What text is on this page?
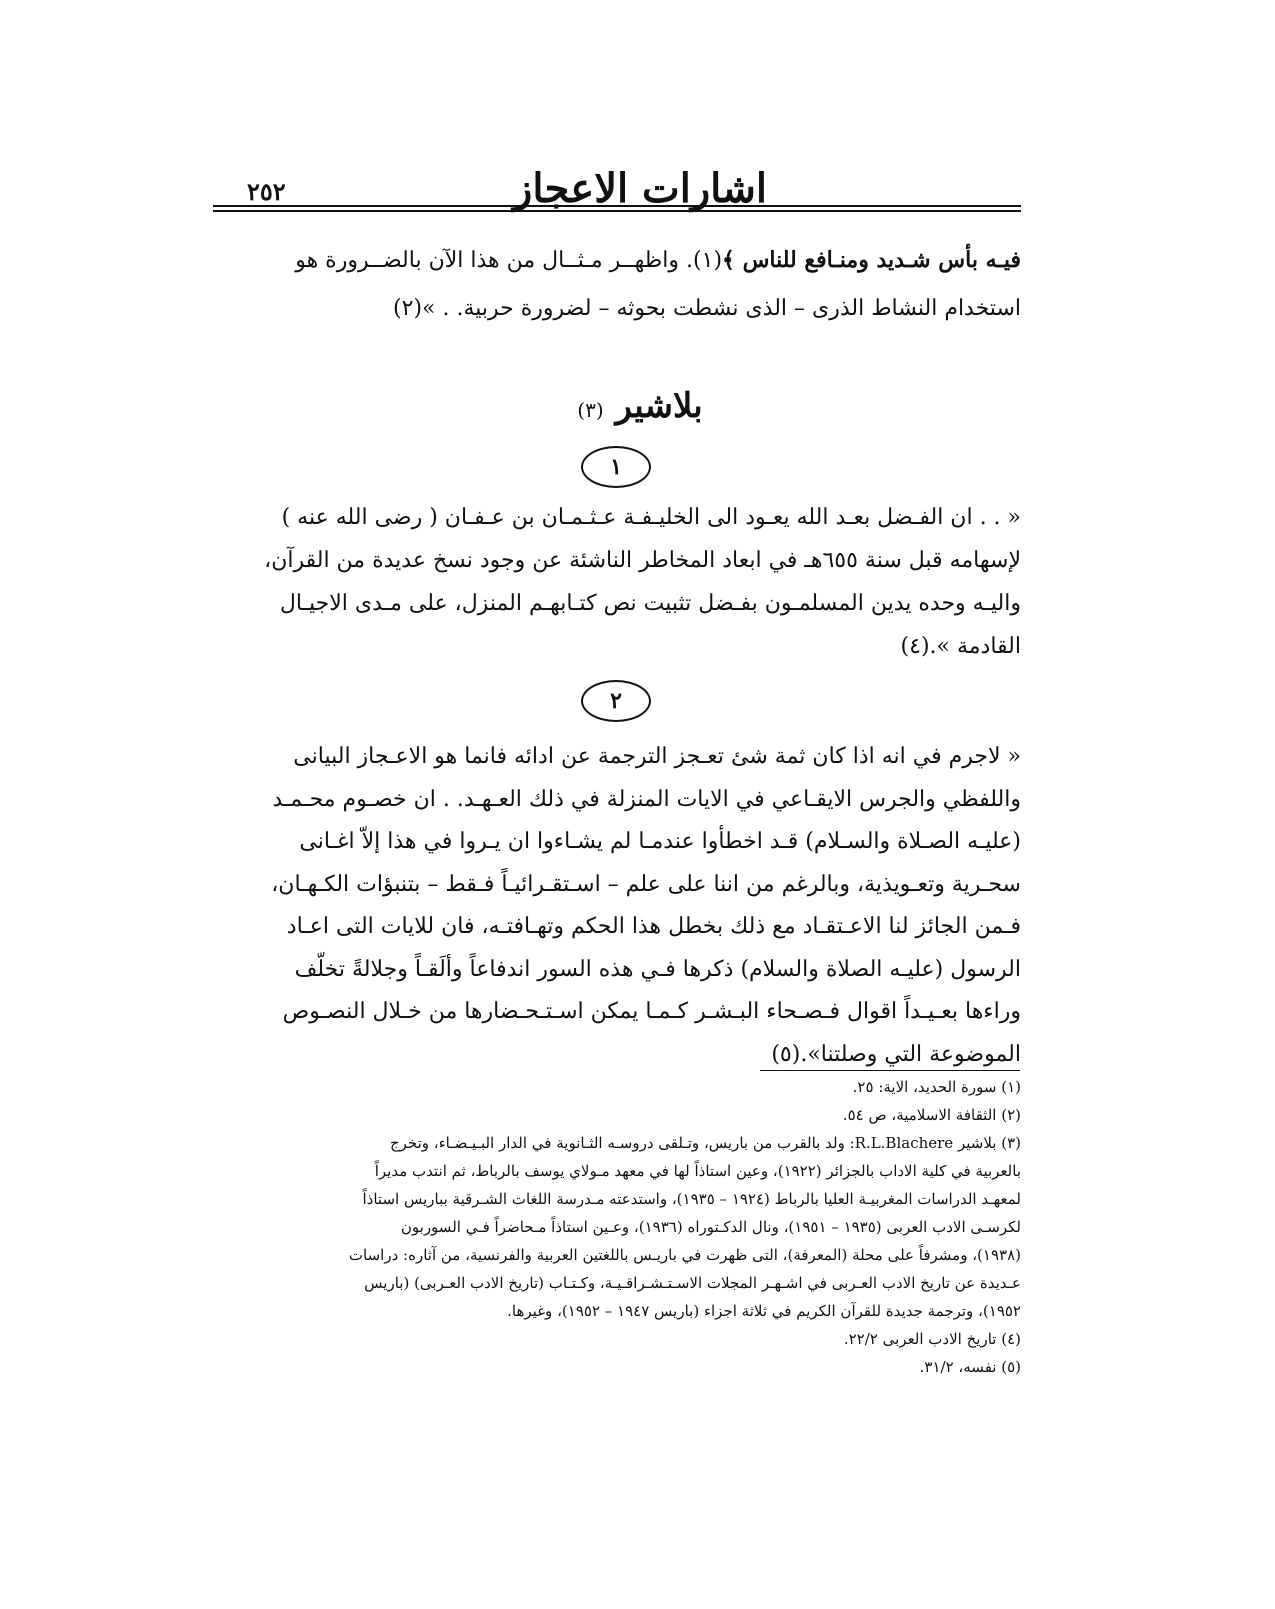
٢٥٢	اشارات الاعجاز
فيـه بأس شـديد ومنـافع للناس ﴾(١). واظهــر مـثــال من هذا الآن بالضــرورة هو
استخدام النشاط الذرى – الذى نشطت بحوثه – لضرورة حربية. . »(٢)
بلاشير (٣)
١
« . . ان الفـضل بعـد الله يعـود الى الخليـفـة عـثـمـان بن عـفـان ( رضى الله عنه )
لإسهامه قبل سنة ٦٥٥هـ في ابعاد المخاطر الناشئة عن وجود نسخ عديدة من القرآن،
واليـه وحده يدين المسلمـون بفـضل تثبيت نص كتـابهـم المنزل، على مـدى الاجيـال
القادمة ».(٤)
٢
« لاجرم في انه اذا كان ثمة شئ تعـجز الترجمة عن ادائه فانما هو الاعـجاز البيانى
واللفظي والجرس الايقـاعي في الايات المنزلة في ذلك العـهـد. . ان خصـوم محـمـد
(عليـه الصـلاة والسـلام) قـد اخطأوا عندمـا لم يشـاءوا ان يـروا في هذا إلاّ اغـانى
سحـرية وتعـويذية، وبالرغم من اننا على علم – اسـتقـرائيـاً فـقط – بتنبؤات الكـهـان،
فـمن الجائز لنا الاعـتقـاد مع ذلك بخطل هذا الحكم وتهـافتـه، فان للايات التى اعـاد
الرسول (عليـه الصلاة والسلام) ذكرها فـي هذه السور اندفاعاً وألَقـاً وجلالةً تخلّف
وراءها بعـيـداً اقوال فـصـحاء البـشـر كـمـا يمكن اسـتـحـضارها من خـلال النصـوص
الموضوعة التي وصلتنا».(٥)
(١) سورة الحديد، الاية: ٢٥.
(٢) الثقافة الاسلامية، ص ٥٤.
(٣) بلاشير R.L.Blachere: ولد بالقرب من باريس، وتـلقى دروسـه الثـانوية في الدار البـيـضـاء، وتخرج
بالعربية في كلية الاداب بالجزائر (١٩٢٢)، وعين استاذاً لها في معهد مـولاي يوسف بالرباط، ثم انتدب مديراً
لمعهـد الدراسات المغربيـة العليا بالرباط (١٩٢٤ – ١٩٣٥)، واستدعته مـدرسة اللغات الشـرقية بباريس استاذاً
لكرسـى الادب العربى (١٩٣٥ – ١٩٥١)، ونال الدكـتوراه (١٩٣٦)، وعـين استاذاً مـحاضراً فـي السوربون
(١٩٣٨)، ومشرفاً على محلة (المعرفة)، التى ظهرت في باريـس باللغتين العربية والفرنسية، من آثاره: دراسات
عـديدة عن تاريخ الادب العـربى في اشـهـر المجلات الاسـتـشـراقـيـة، وكـتـاب (تاريخ الادب العـربى) (باريس
١٩٥٢)، وترجمة جديدة للقرآن الكريم في ثلاثة اجزاء (باريس ١٩٤٧ – ١٩٥٢)، وغيرها.
(٤) تاريخ الادب العربى ٢٢/٢.
(٥) نفسه، ٣١/٢.
